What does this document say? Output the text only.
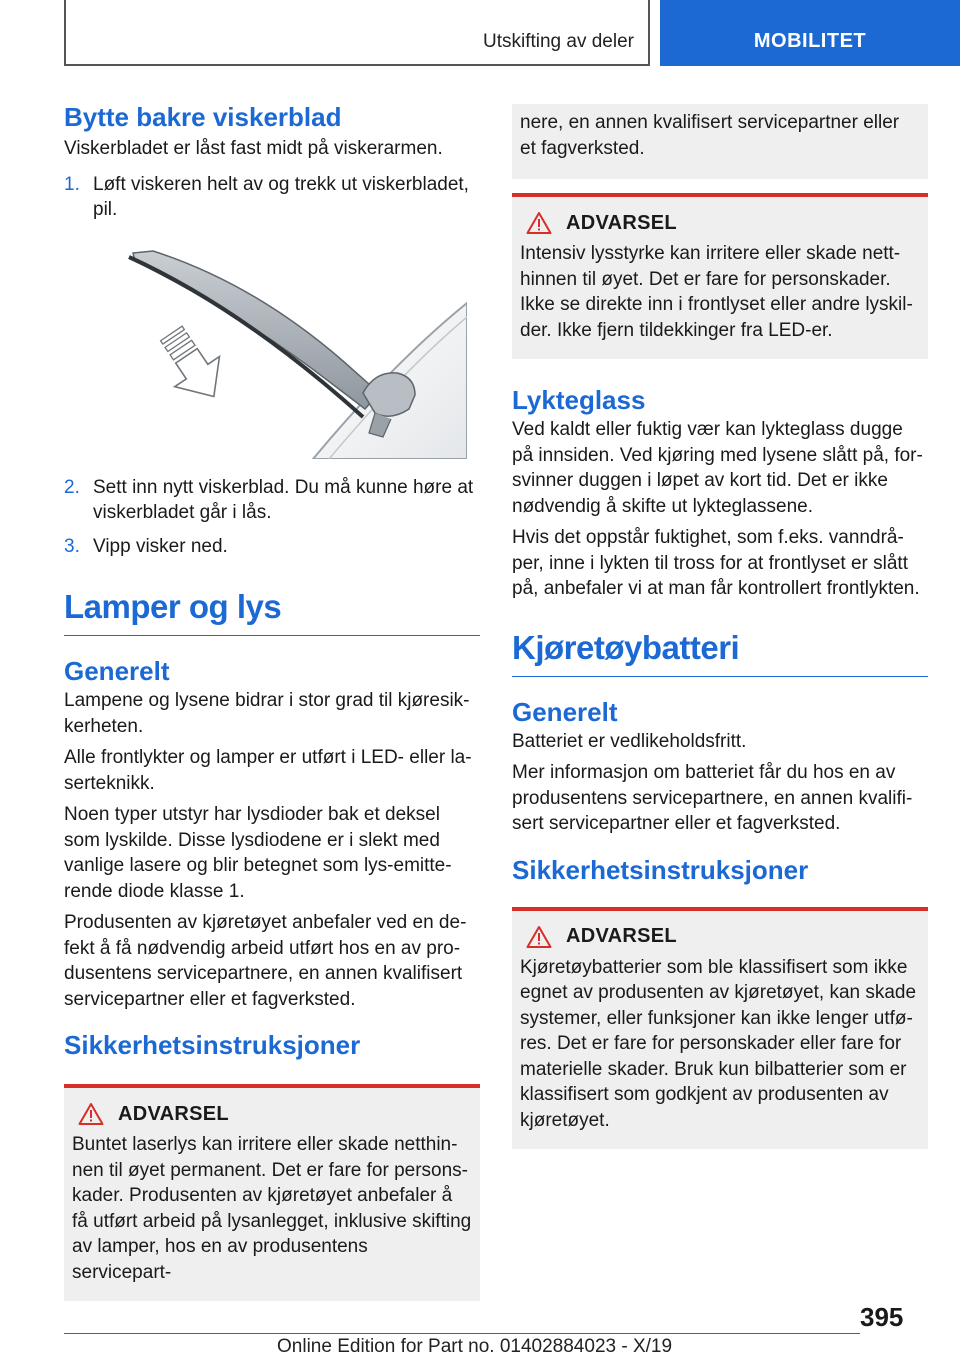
Utskifting av deler	MOBILITET
Bytte bakre viskerblad

Viskerbladet er låst fast midt på viskerarmen.

1. Løft viskeren helt av og trekk ut viskerbladet, pil.
2. Sett inn nytt viskerblad. Du må kunne høre at viskerbladet går i lås.
3. Vipp visker ned.
Lamper og lys
Generelt

Lampene og lysene bidrar i stor grad til kjøresik‐kerheten.

Alle frontlykter og lamper er utført i LED- eller la‐serteknikk.

Noen typer utstyr har lysdioder bak et deksel som lyskilde. Disse lysdiodene er i slekt med vanlige lasere og blir betegnet som lys-emitte‐rende diode klasse 1.

Produsenten av kjøretøyet anbefaler ved en de‐fekt å få nødvendig arbeid utført hos en av pro‐dusentens servicepartnere, en annen kvalifisert servicepartner eller et fagverksted.

Sikkerhetsinstruksjoner
ADVARSEL

Buntet laserlys kan irritere eller skade netthin‐nen til øyet permanent. Det er fare for persons‐kader. Produsenten av kjøretøyet anbefaler å få utført arbeid på lysanlegget, inklusive skifting av lamper, hos en av produsentens servicepart‐

nere, en annen kvalifisert servicepartner eller et fagverksted.

ADVARSEL

Intensiv lysstyrke kan irritere eller skade nett‐hinnen til øyet. Det er fare for personskader. Ikke se direkte inn i frontlyset eller andre lyskil‐der. Ikke fjern tildekkinger fra LED-er.

Lykteglass

Ved kaldt eller fuktig vær kan lykteglass dugge på innsiden. Ved kjøring med lysene slått på, for‐svinner duggen i løpet av kort tid. Det er ikke nødvendig å skifte ut lykteglassene.

Hvis det oppstår fuktighet, som f.eks. vanndrå‐per, inne i lykten til tross for at frontlyset er slått på, anbefaler vi at man får kontrollert frontlykten.

Kjøretøybatteri
Generelt

Batteriet er vedlikeholdsfritt.

Mer informasjon om batteriet får du hos en av produsentens servicepartnere, en annen kvalifi‐sert servicepartner eller et fagverksted.

Sikkerhetsinstruksjoner
ADVARSEL

Kjøretøybatterier som ble klassifisert som ikke egnet av produsenten av kjøretøyet, kan skade systemer, eller funksjoner kan ikke lenger utfø‐res. Det er fare for personskader eller fare for materielle skader. Bruk kun bilbatterier som er klassifisert som godkjent av produsenten av kjøretøyet.

395
Online Edition for Part no. 01402884023 - X/19
